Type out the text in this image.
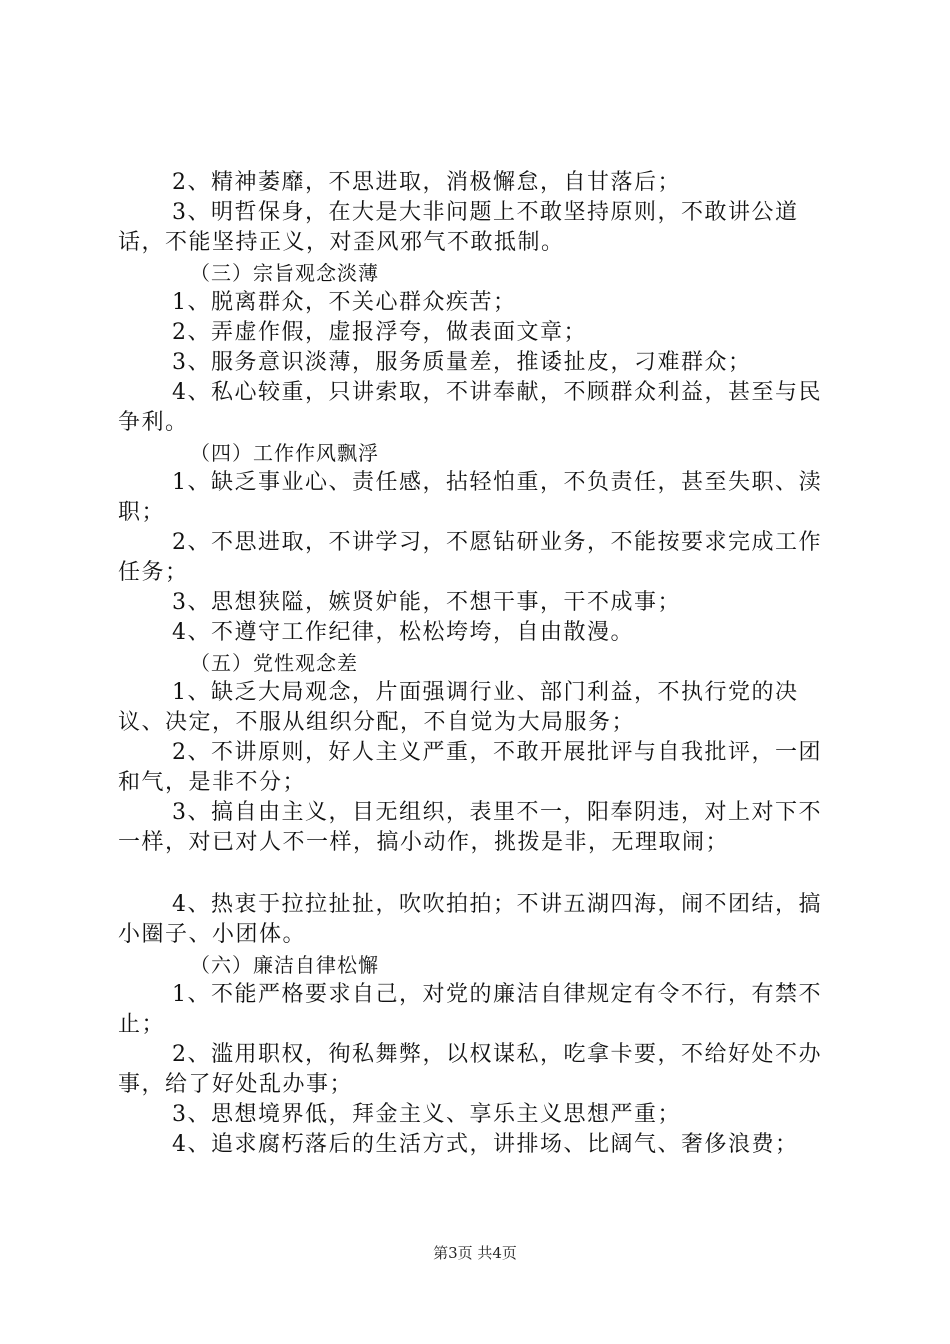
2、精神萎靡，不思进取，消极懈怠，自甘落后；

3、明哲保身，在大是大非问题上不敢坚持原则，不敢讲公道话，不能坚持正义，对歪风邪气不敢抵制。

（三）宗旨观念淡薄

1、脱离群众，不关心群众疾苦；

2、弄虚作假，虚报浮夸，做表面文章；

3、服务意识淡薄，服务质量差，推诿扯皮，刁难群众；

4、私心较重，只讲索取，不讲奉献，不顾群众利益，甚至与民争利。

（四）工作作风飘浮

1、缺乏事业心、责任感，拈轻怕重，不负责任，甚至失职、渎职；

2、不思进取，不讲学习，不愿钻研业务，不能按要求完成工作任务；

3、思想狭隘，嫉贤妒能，不想干事，干不成事；

4、不遵守工作纪律，松松垮垮，自由散漫。

（五）党性观念差

1、缺乏大局观念，片面强调行业、部门利益，不执行党的决议、决定，不服从组织分配，不自觉为大局服务；

2、不讲原则，好人主义严重，不敢开展批评与自我批评，一团和气，是非不分；

3、搞自由主义，目无组织，表里不一，阳奉阴违，对上对下不一样，对已对人不一样，搞小动作，挑拨是非，无理取闹；

4、热衷于拉拉扯扯，吹吹拍拍；不讲五湖四海，闹不团结，搞小圈子、小团体。

（六）廉洁自律松懈

1、不能严格要求自己，对党的廉洁自律规定有令不行，有禁不止；

2、滥用职权，徇私舞弊，以权谋私，吃拿卡要，不给好处不办事，给了好处乱办事；

3、思想境界低，拜金主义、享乐主义思想严重；

4、追求腐朽落后的生活方式，讲排场、比阔气、奢侈浪费；

第3页 共4页
